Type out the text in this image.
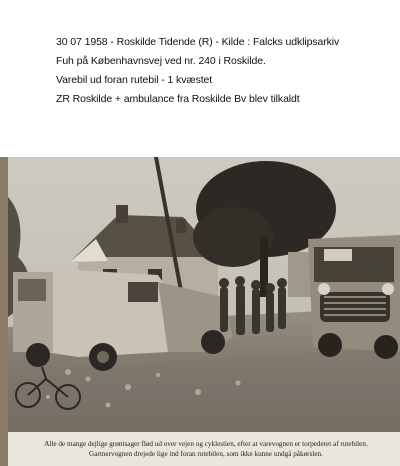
30 07 1958 - Roskilde Tidende (R) - Kilde : Falcks udklipsarkiv
Fuh på Københavnsvej ved nr. 240 i Roskilde.
Varebil ud foran rutebil - 1 kvæstet
ZR Roskilde + ambulance fra Roskilde Bv blev tilkaldt
Alle de mange dejlige grøntsager flød ud over vejen og cyklestien, efter at varevognen er torpederet af rutebilen.
Gartnervognen drejede lige ind foran rutebilen, som ikke kunne undgå påkørslen.
